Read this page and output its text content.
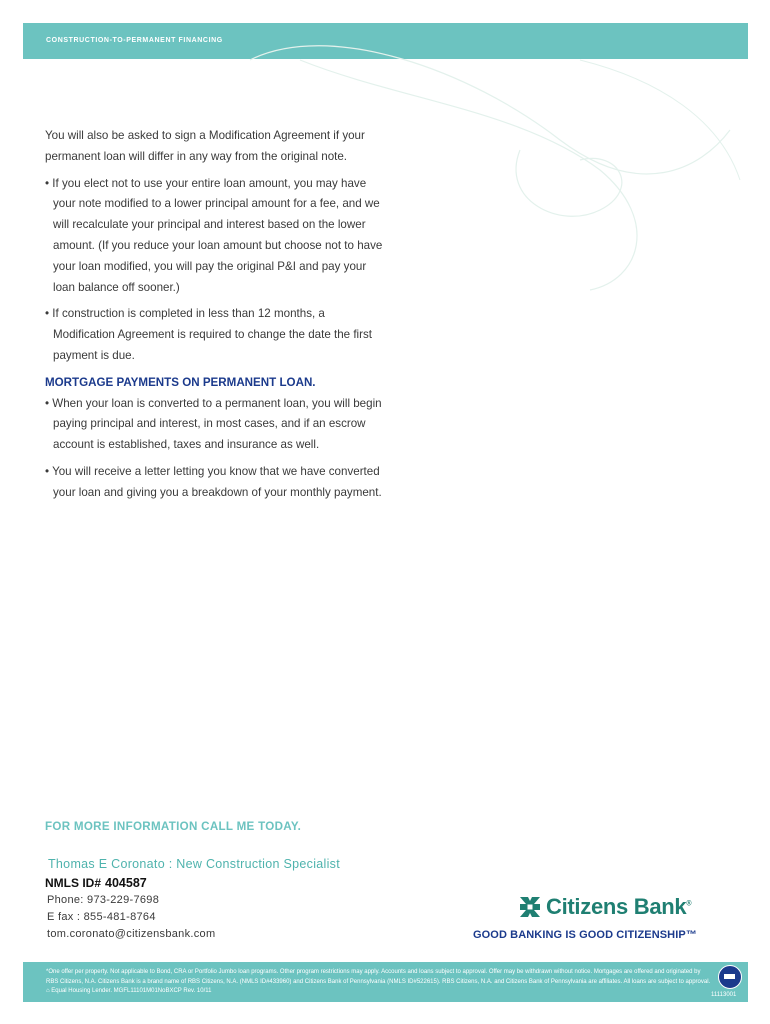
CONSTRUCTION-TO-PERMANENT FINANCING

You will also be asked to sign a Modification Agreement if your permanent loan will differ in any way from the original note.

• If you elect not to use your entire loan amount, you may have your note modified to a lower principal amount for a fee, and we will recalculate your principal and interest based on the lower amount. (If you reduce your loan amount but choose not to have your loan modified, you will pay the original P&I and pay your loan balance off sooner.)

• If construction is completed in less than 12 months, a Modification Agreement is required to change the date the first payment is due.

MORTGAGE PAYMENTS ON PERMANENT LOAN.

• When your loan is converted to a permanent loan, you will begin paying principal and interest, in most cases, and if an escrow account is established, taxes and insurance as well.

• You will receive a letter letting you know that we have converted your loan and giving you a breakdown of your monthly payment.

FOR MORE INFORMATION CALL ME TODAY.
Thomas E Coronato : New Construction Specialist
NMLS ID# 404587
Phone: 973-229-7698
E fax : 855-481-8764
tom.coronato@citizensbank.com
Citizens Bank®
GOOD BANKING IS GOOD CITIZENSHIP™
*One offer per property. Not applicable to Bond, CRA or Portfolio Jumbo loan programs. Other program restrictions may apply. Accounts and loans subject to approval. Offer may be withdrawn without notice. Mortgages are offered and originated by RBS Citizens, N.A. Citizens Bank is a brand name of RBS Citizens, N.A. (NMLS ID#433960) and Citizens Bank of Pennsylvania (NMLS ID#522615). RBS Citizens, N.A. and Citizens Bank of Pennsylvania are affiliates. All loans are subject to approval. ⌂ Equal Housing Lender. MGFL11101M01NoBXCP Rev. 10/11
11113001
